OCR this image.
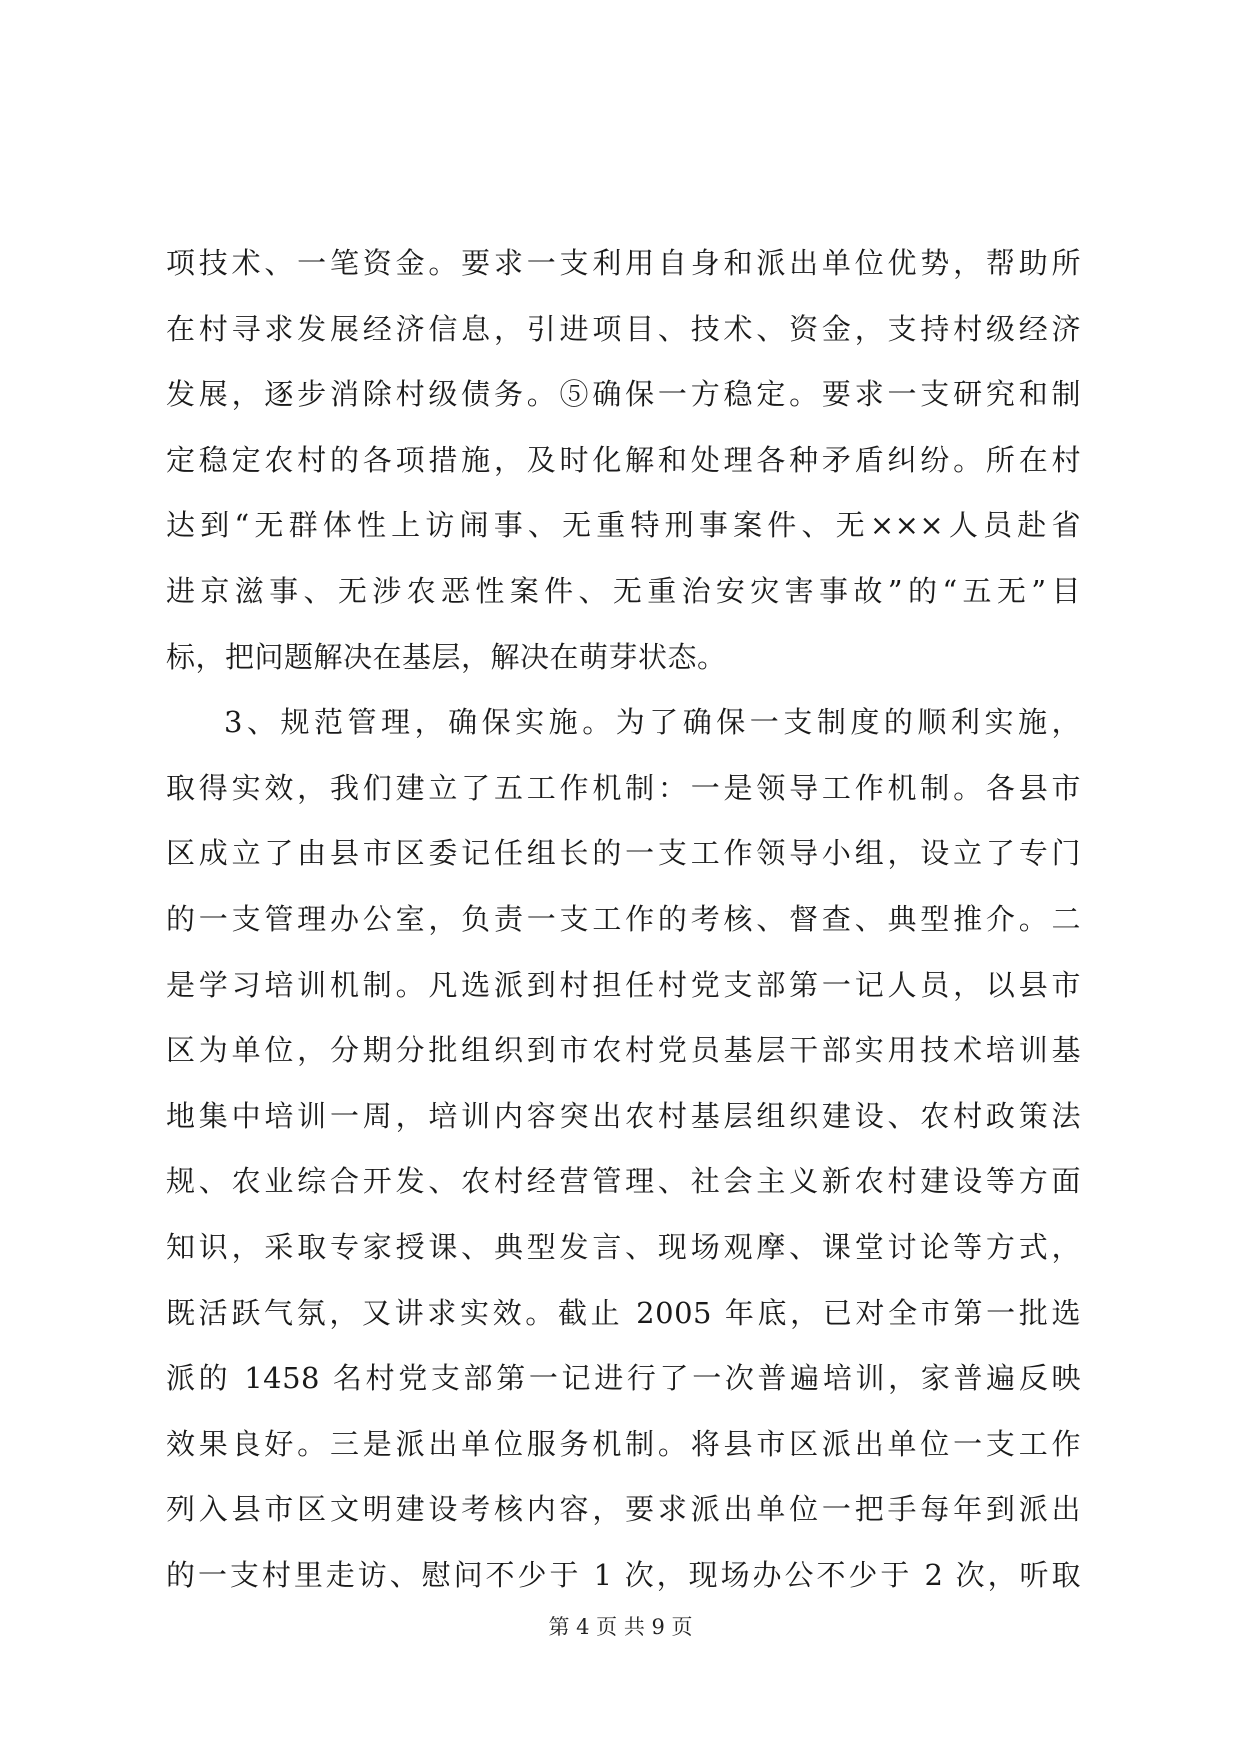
项技术、一笔资金。要求一支利用自身和派出单位优势，帮助所
在村寻求发展经济信息，引进项目、技术、资金，支持村级经济
发展，逐步消除村级债务。⑤确保一方稳定。要求一支研究和制
定稳定农村的各项措施，及时化解和处理各种矛盾纠纷。所在村
达到“无群体性上访闹事、无重特刑事案件、无×××人员赴省
进京滋事、无涉农恶性案件、无重治安灾害事故”的“五无”目
标，把问题解决在基层，解决在萌芽状态。
3、规范管理，确保实施。为了确保一支制度的顺利实施，
取得实效，我们建立了五工作机制：一是领导工作机制。各县市
区成立了由县市区委记任组长的一支工作领导小组，设立了专门
的一支管理办公室，负责一支工作的考核、督查、典型推介。二
是学习培训机制。凡选派到村担任村党支部第一记人员，以县市
区为单位，分期分批组织到市农村党员基层干部实用技术培训基
地集中培训一周，培训内容突出农村基层组织建设、农村政策法
规、农业综合开发、农村经营管理、社会主义新农村建设等方面
知识，采取专家授课、典型发言、现场观摩、课堂讨论等方式，
既活跃气氛，又讲求实效。截止 2005 年底，已对全市第一批选
派的 1458 名村党支部第一记进行了一次普遍培训，家普遍反映
效果良好。三是派出单位服务机制。将县市区派出单位一支工作
列入县市区文明建设考核内容，要求派出单位一把手每年到派出
的一支村里走访、慰问不少于 1 次，现场办公不少于 2 次，听取
第 4 页 共 9 页
